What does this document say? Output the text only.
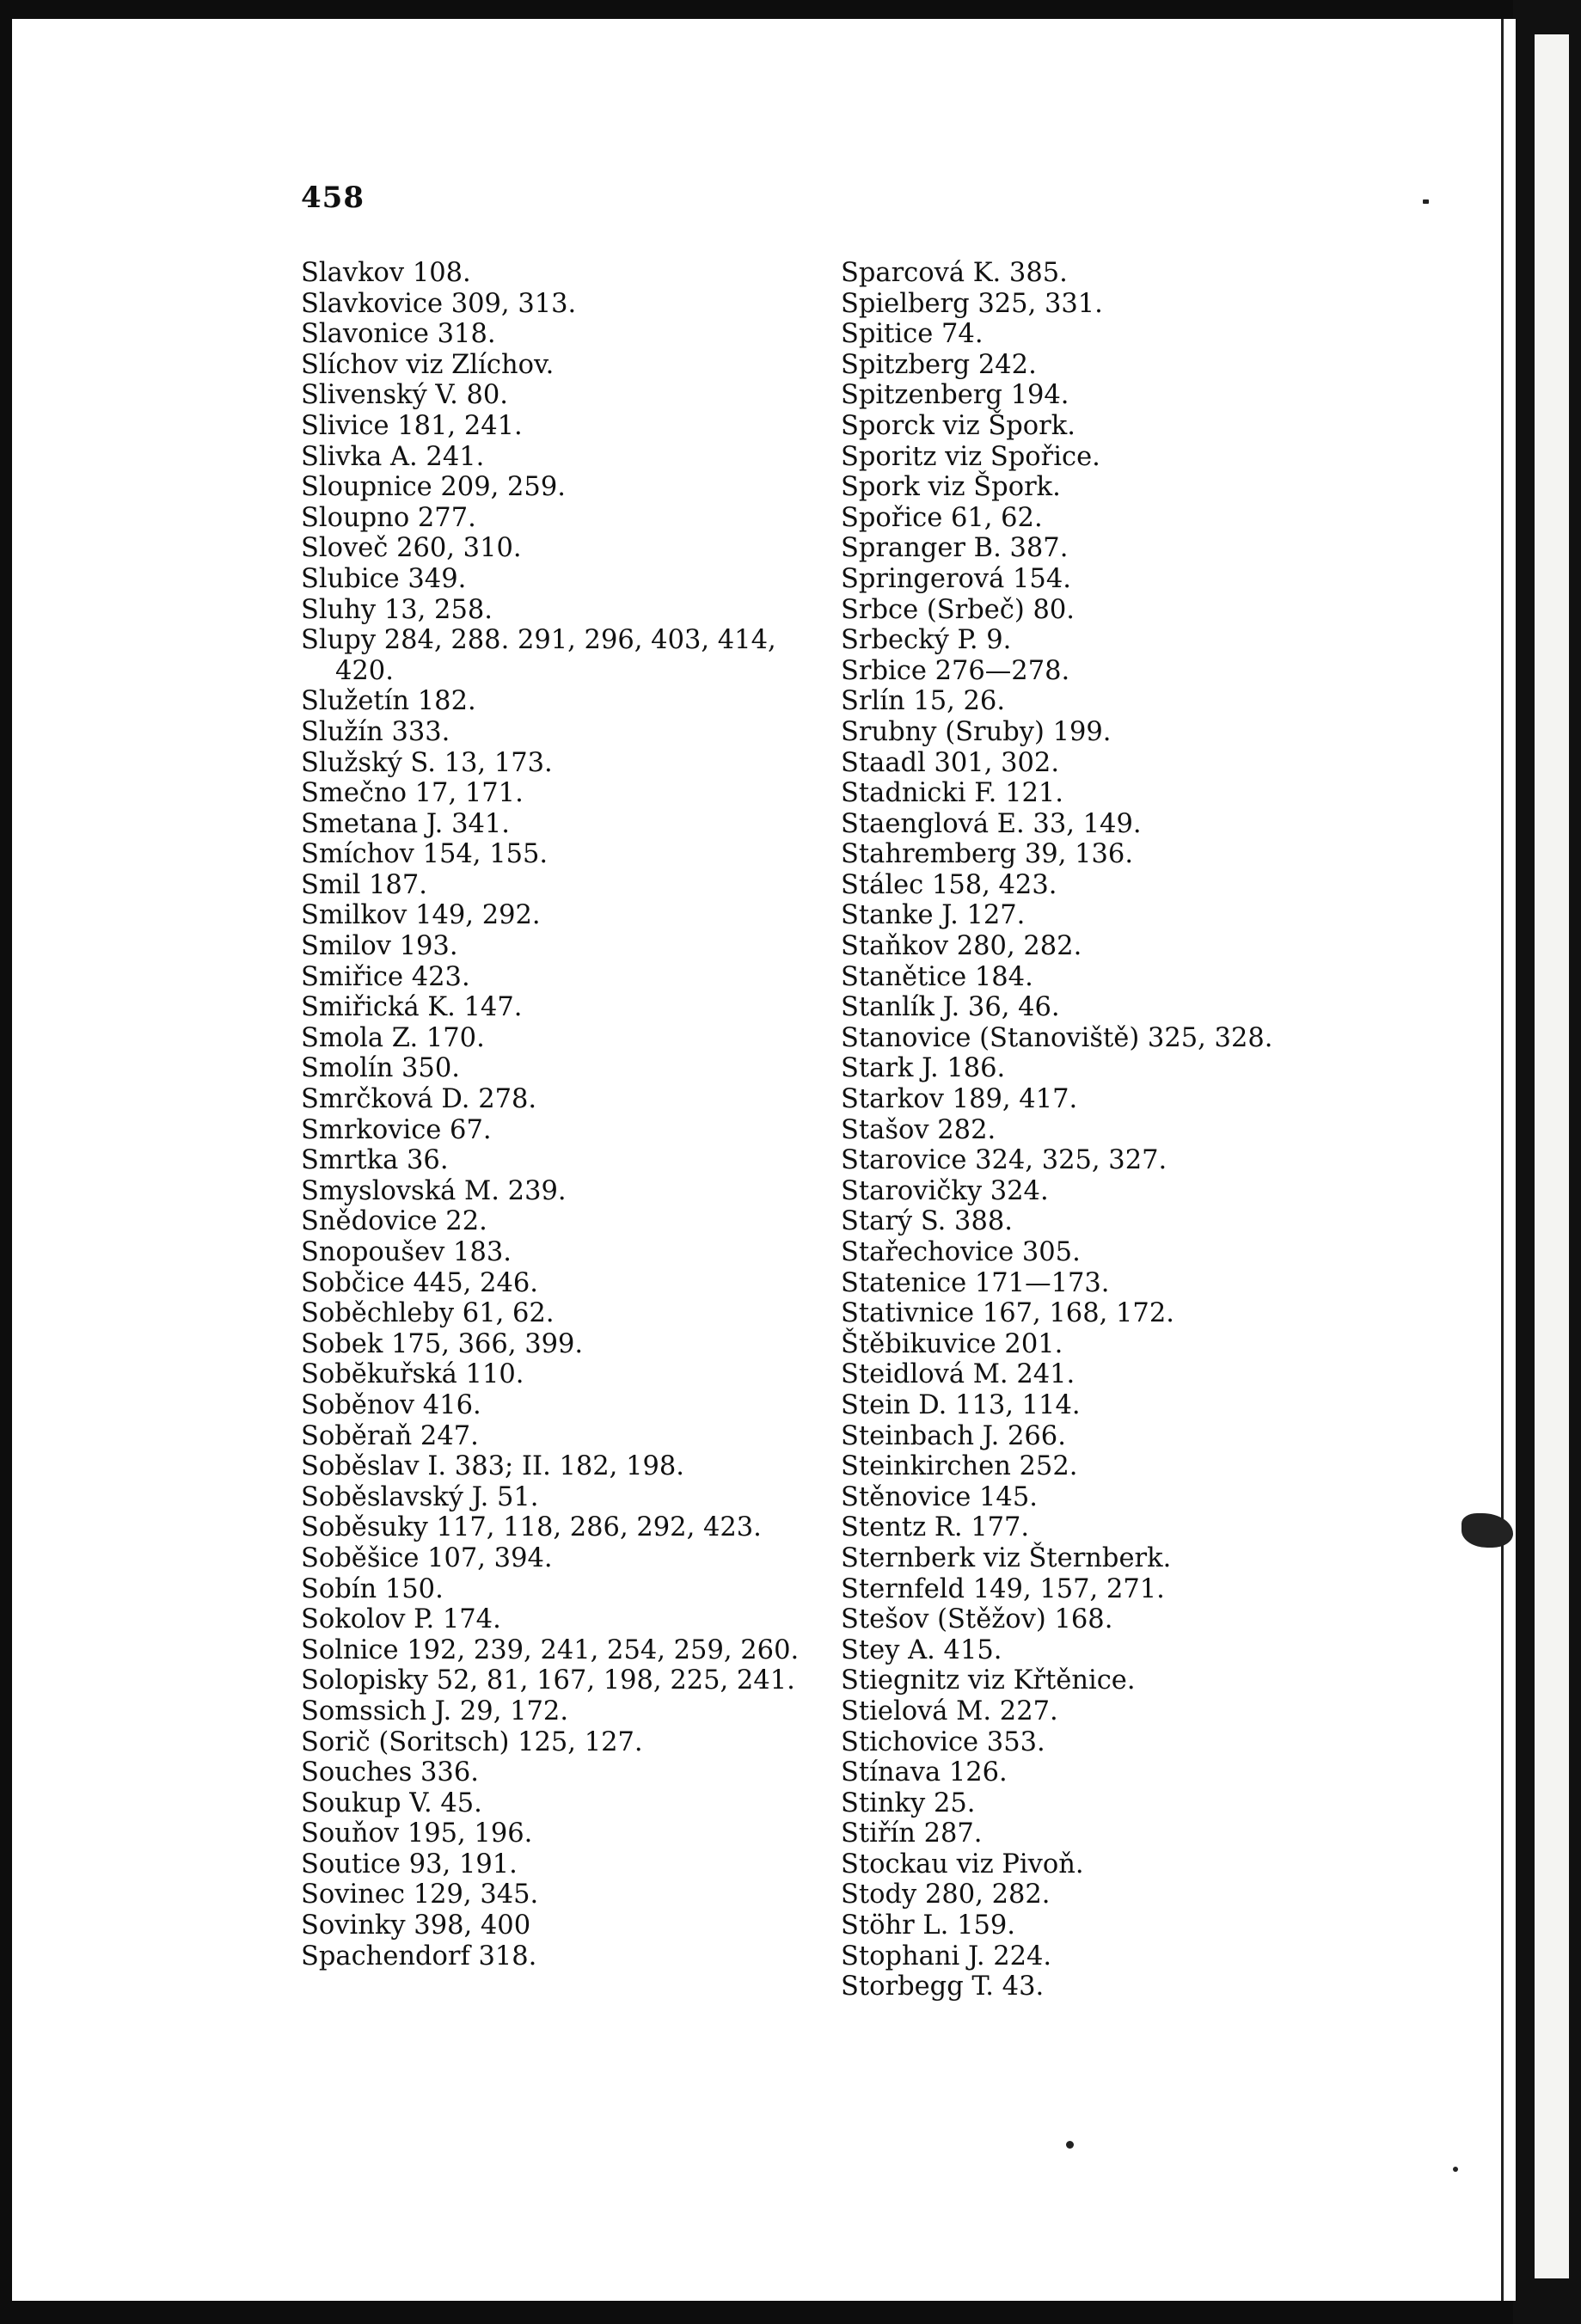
458
Slavkov 108.
Slavkovice 309, 313.
Slavonice 318.
Slíchov viz Zlíchov.
Slivenský V. 80.
Slivice 181, 241.
Slivka A. 241.
Sloupnice 209, 259.
Sloupno 277.
Sloveč 260, 310.
Slubice 349.
Sluhy 13, 258.
Slupy 284, 288. 291, 296, 403, 414, 420.
Služetín 182.
Služín 333.
Služský S. 13, 173.
Smečno 17, 171.
Smetana J. 341.
Smíchov 154, 155.
Smil 187.
Smilkov 149, 292.
Smilov 193.
Smiřice 423.
Smiřická K. 147.
Smola Z. 170.
Smolín 350.
Smrčková D. 278.
Smrkovice 67.
Smrtka 36.
Smyslovská M. 239.
Snědovice 22.
Snopoušev 183.
Sobčice 445, 246.
Soběchleby 61, 62.
Sobek 175, 366, 399.
Sobĕkuřská 110.
Soběnov 416.
Soběraň 247.
Soběslav I. 383; II. 182, 198.
Soběslavský J. 51.
Soběsuky 117, 118, 286, 292, 423.
Soběšice 107, 394.
Sobín 150.
Sokolov P. 174.
Solnice 192, 239, 241, 254, 259, 260.
Solopisky 52, 81, 167, 198, 225, 241.
Somssich J. 29, 172.
Sorič (Soritsch) 125, 127.
Souches 336.
Soukup V. 45.
Souňov 195, 196.
Soutice 93, 191.
Sovinec 129, 345.
Sovinky 398, 400
Spachendorf 318.
Sparcová K. 385.
Spielberg 325, 331.
Spitice 74.
Spitzberg 242.
Spitzenberg 194.
Sporck viz Špork.
Sporitz viz Spořice.
Spork viz Špork.
Spořice 61, 62.
Spranger B. 387.
Springerová 154.
Srbce (Srbeč) 80.
Srbecký P. 9.
Srbice 276—278.
Srlín 15, 26.
Srubny (Sruby) 199.
Staadl 301, 302.
Stadnicki F. 121.
Staenglová E. 33, 149.
Stahremberg 39, 136.
Stálec 158, 423.
Stanke J. 127.
Staňkov 280, 282.
Stanětice 184.
Stanlík J. 36, 46.
Stanovice (Stanoviště) 325, 328.
Stark J. 186.
Starkov 189, 417.
Stašov 282.
Starovice 324, 325, 327.
Starovičky 324.
Starý S. 388.
Stařechovice 305.
Statenice 171—173.
Stativnice 167, 168, 172.
Štěbikuvice 201.
Steidlová M. 241.
Stein D. 113, 114.
Steinbach J. 266.
Steinkirchen 252.
Stěnovice 145.
Stentz R. 177.
Sternberk viz Šternberk.
Sternfeld 149, 157, 271.
Stešov (Stěžov) 168.
Stey A. 415.
Stiegnitz viz Křtěnice.
Stielová M. 227.
Stichovice 353.
Stínava 126.
Stinky 25.
Stiřín 287.
Stockau viz Pivoň.
Stody 280, 282.
Stöhr L. 159.
Stophani J. 224.
Storbegg T. 43.
